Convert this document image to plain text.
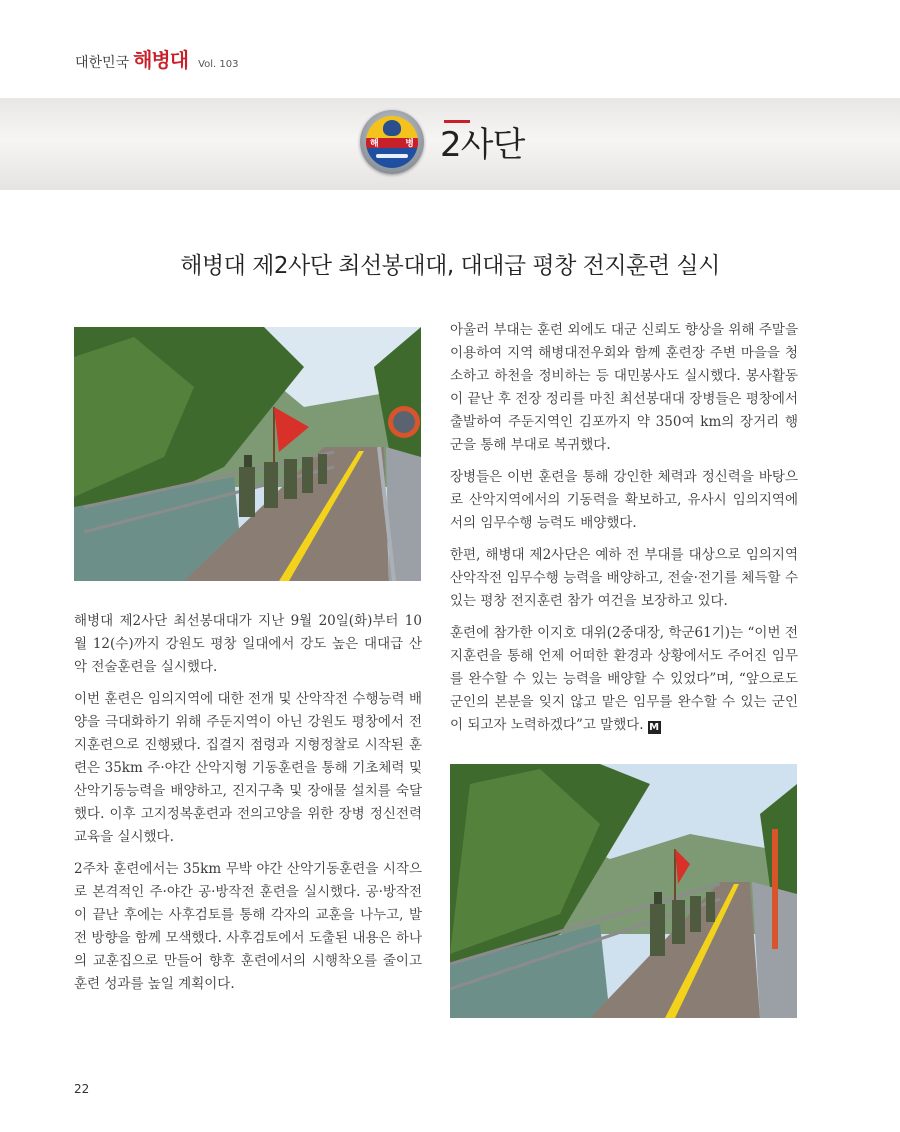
대한민국 해병대 Vol. 103
해	병 2사단
해병대 제2사단 최선봉대대, 대대급 평창 전지훈련 실시

해병대 제2사단 최선봉대대가 지난 9월 20일(화)부터 10월 12(수)까지 강원도 평창 일대에서 강도 높은 대대급 산악 전술훈련을 실시했다.

이번 훈련은 임의지역에 대한 전개 및 산악작전 수행능력 배양을 극대화하기 위해 주둔지역이 아닌 강원도 평창에서 전지훈련으로 진행됐다. 집결지 점령과 지형정찰로 시작된 훈련은 35km 주·야간 산악지형 기동훈련을 통해 기초체력 및 산악기동능력을 배양하고, 진지구축 및 장애물 설치를 숙달했다. 이후 고지정복훈련과 전의고양을 위한 장병 정신전력 교육을 실시했다.

2주차 훈련에서는 35km 무박 야간 산악기동훈련을 시작으로 본격적인 주·야간 공·방작전 훈련을 실시했다. 공·방작전이 끝난 후에는 사후검토를 통해 각자의 교훈을 나누고, 발전 방향을 함께 모색했다. 사후검토에서 도출된 내용은 하나의 교훈집으로 만들어 향후 훈련에서의 시행착오를 줄이고 훈련 성과를 높일 계획이다.

아울러 부대는 훈련 외에도 대군 신뢰도 향상을 위해 주말을 이용하여 지역 해병대전우회와 함께 훈련장 주변 마을을 청소하고 하천을 정비하는 등 대민봉사도 실시했다. 봉사활동이 끝난 후 전장 정리를 마친 최선봉대대 장병들은 평창에서 출발하여 주둔지역인 김포까지 약 350여 km의 장거리 행군을 통해 부대로 복귀했다.

장병들은 이번 훈련을 통해 강인한 체력과 정신력을 바탕으로 산악지역에서의 기동력을 확보하고, 유사시 임의지역에서의 임무수행 능력도 배양했다.

한편, 해병대 제2사단은 예하 전 부대를 대상으로 임의지역 산악작전 임무수행 능력을 배양하고, 전술·전기를 체득할 수 있는 평창 전지훈련 참가 여건을 보장하고 있다.

훈련에 참가한 이지호 대위(2중대장, 학군61기)는 “이번 전지훈련을 통해 언제 어떠한 환경과 상황에서도 주어진 임무를 완수할 수 있는 능력을 배양할 수 있었다”며, “앞으로도 군인의 본분을 잊지 않고 맡은 임무를 완수할 수 있는 군인이 되고자 노력하겠다”고 말했다. M

22
